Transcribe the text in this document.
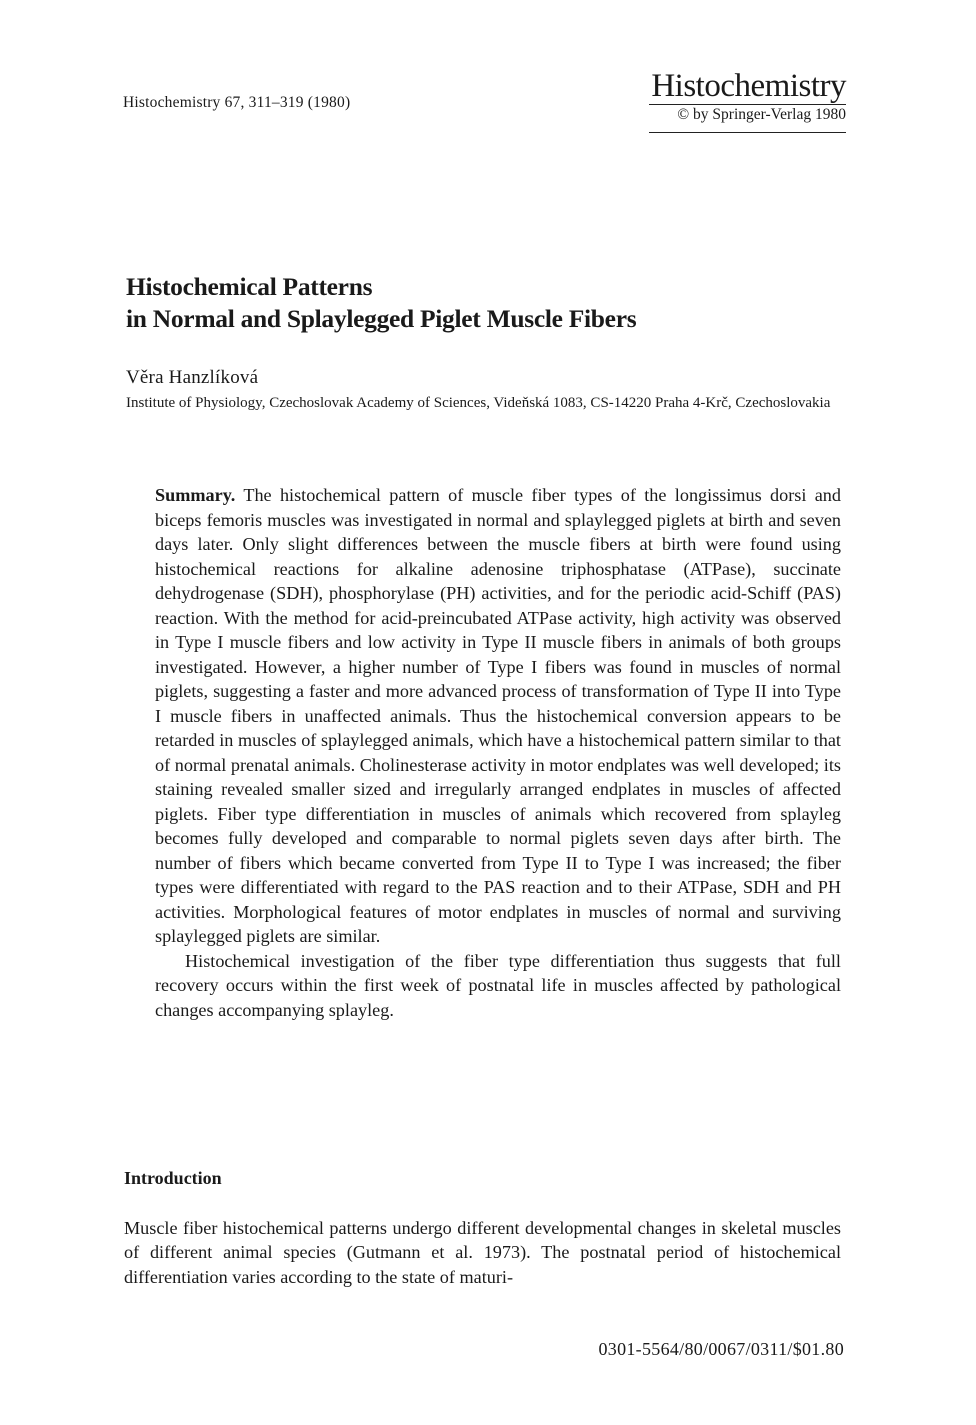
Histochemistry 67, 311–319 (1980)	Histochemistry
© by Springer-Verlag 1980
Histochemical Patterns
in Normal and Splaylegged Piglet Muscle Fibers
Věra Hanzlíková
Institute of Physiology, Czechoslovak Academy of Sciences, Videňská 1083, CS-14220 Praha 4-Krč, Czechoslovakia

Summary. The histochemical pattern of muscle fiber types of the longissimus dorsi and biceps femoris muscles was investigated in normal and splaylegged piglets at birth and seven days later. Only slight differences between the muscle fibers at birth were found using histochemical reactions for alkaline adenosine triphosphatase (ATPase), succinate dehydrogenase (SDH), phosphorylase (PH) activities, and for the periodic acid-Schiff (PAS) reaction. With the method for acid-preincubated ATPase activity, high activity was observed in Type I muscle fibers and low activity in Type II muscle fibers in animals of both groups investigated. However, a higher number of Type I fibers was found in muscles of normal piglets, suggesting a faster and more advanced process of transformation of Type II into Type I muscle fibers in unaffected animals. Thus the histochemical conversion appears to be retarded in muscles of splaylegged animals, which have a histochemical pattern similar to that of normal prenatal animals. Cholinesterase activity in motor endplates was well developed; its staining revealed smaller sized and irregularly arranged endplates in muscles of affected piglets. Fiber type differentiation in muscles of animals which recovered from splayleg becomes fully developed and comparable to normal piglets seven days after birth. The number of fibers which became converted from Type II to Type I was increased; the fiber types were differentiated with regard to the PAS reaction and to their ATPase, SDH and PH activities. Morphological features of motor endplates in muscles of normal and surviving splaylegged piglets are similar.

Histochemical investigation of the fiber type differentiation thus suggests that full recovery occurs within the first week of postnatal life in muscles affected by pathological changes accompanying splayleg.

Introduction
Muscle fiber histochemical patterns undergo different developmental changes in skeletal muscles of different animal species (Gutmann et al. 1973). The postnatal period of histochemical differentiation varies according to the state of maturi-
0301-5564/80/0067/0311/$01.80
